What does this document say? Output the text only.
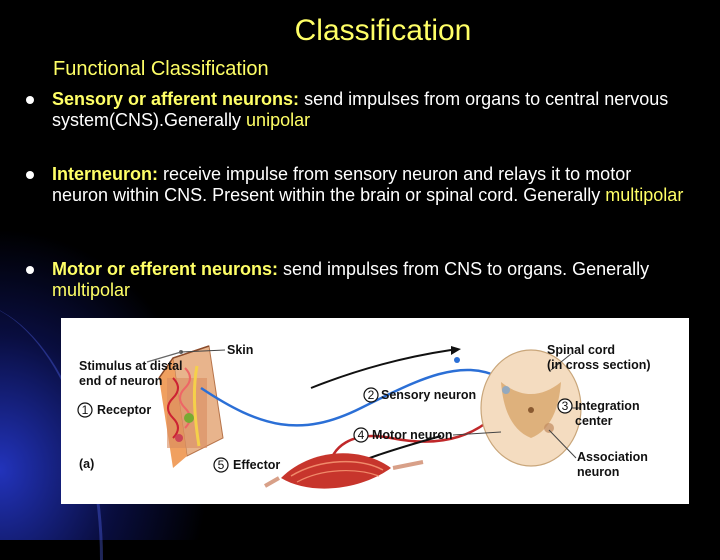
Classification
Functional Classification
Sensory or afferent neurons: send impulses from organs to central nervous system(CNS).Generally unipolar
Interneuron: receive impulse from sensory neuron and relays it to motor neuron within CNS. Present within the brain or spinal cord. Generally multipolar
Motor or efferent neurons: send impulses from CNS to organs. Generally multipolar
1
2
3
4
5
Stimulus at distal
end of neuron
Skin
Receptor
(a)	Effector
Sensory neuron
Motor neuron
Spinal cord
(in cross section)
Integration
center
Association
neuron
